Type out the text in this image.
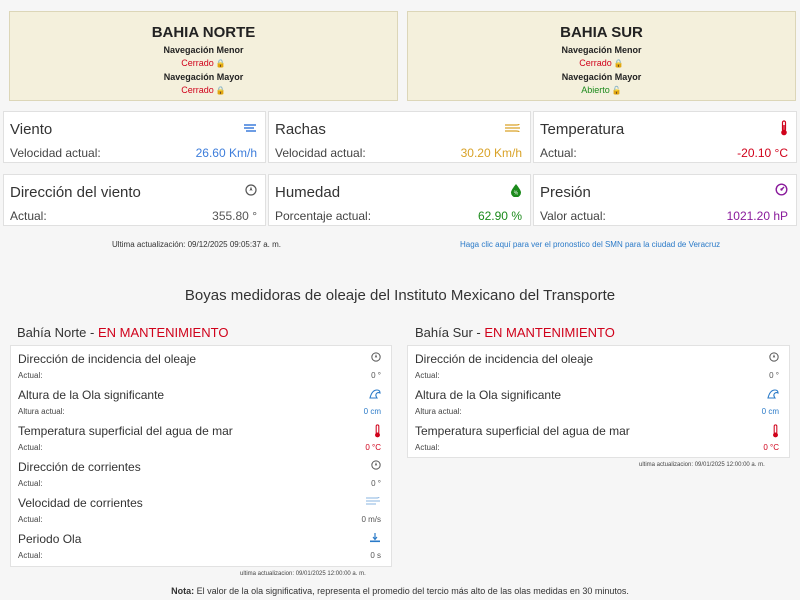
BAHIA NORTE
Navegación Menor
Cerrado 🔒
Navegación Mayor
Cerrado 🔒
BAHIA SUR
Navegación Menor
Cerrado 🔒
Navegación Mayor
Abierto 🔓
Viento
Velocidad actual:	26.60 Km/h
Rachas
Velocidad actual:	30.20 Km/h
Temperatura
Actual:	-20.10 °C
Dirección del viento
Actual:	355.80 °
Humedad	%
Porcentaje actual:	62.90 %
Presión
Valor actual:	1021.20 hP
Ultima actualización: 09/12/2025 09:05:37 a. m.	Haga clic aquí para ver el pronostico del SMN para la ciudad de Veracruz
Boyas medidoras de oleaje del Instituto Mexicano del Transporte
Bahía Norte - EN MANTENIMIENTO	Bahía Sur - EN MANTENIMIENTO
Dirección de incidencia del oleaje
Actual:	0 °
Altura de la Ola significante
Altura actual:	0 cm
Temperatura superficial del agua de mar
Actual:	0 °C
Dirección de corrientes
Actual:	0 °
Velocidad de corrientes
Actual:	0 m/s
Periodo Ola
Actual:	0 s
ultima actualizacion: 09/01/2025 12:00:00 a. m.
Dirección de incidencia del oleaje
Actual:	0 °
Altura de la Ola significante
Altura actual:	0 cm
Temperatura superficial del agua de mar
Actual:	0 °C
ultima actualizacion: 09/01/2025 12:00:00 a. m.
Nota: El valor de la ola significativa, representa el promedio del tercio más alto de las olas medidas en 30 minutos.
